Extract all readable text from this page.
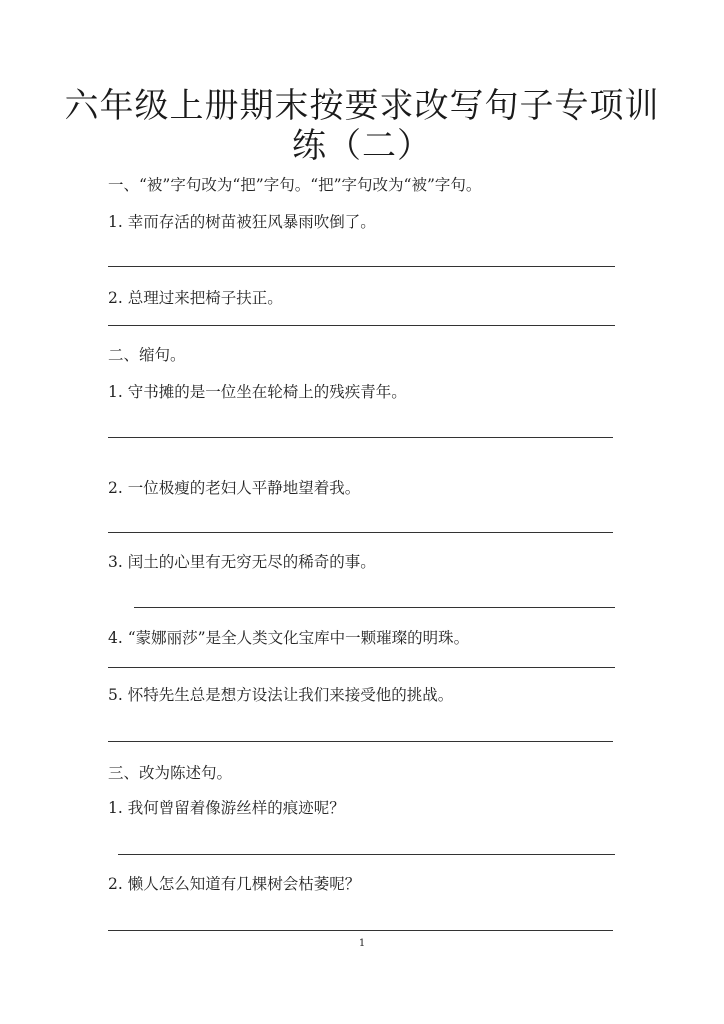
六年级上册期末按要求改写句子专项训
练（二）
一、“被”字句改为“把”字句。“把”字句改为“被”字句。
1. 幸而存活的树苗被狂风暴雨吹倒了。
2. 总理过来把椅子扶正。
二、缩句。
1. 守书摊的是一位坐在轮椅上的残疾青年。
2. 一位极瘦的老妇人平静地望着我。
3. 闰土的心里有无穷无尽的稀奇的事。
4. “蒙娜丽莎”是全人类文化宝库中一颗璀璨的明珠。
5. 怀特先生总是想方设法让我们来接受他的挑战。
三、改为陈述句。
1. 我何曾留着像游丝样的痕迹呢？
2. 懒人怎么知道有几棵树会枯萎呢？
1
